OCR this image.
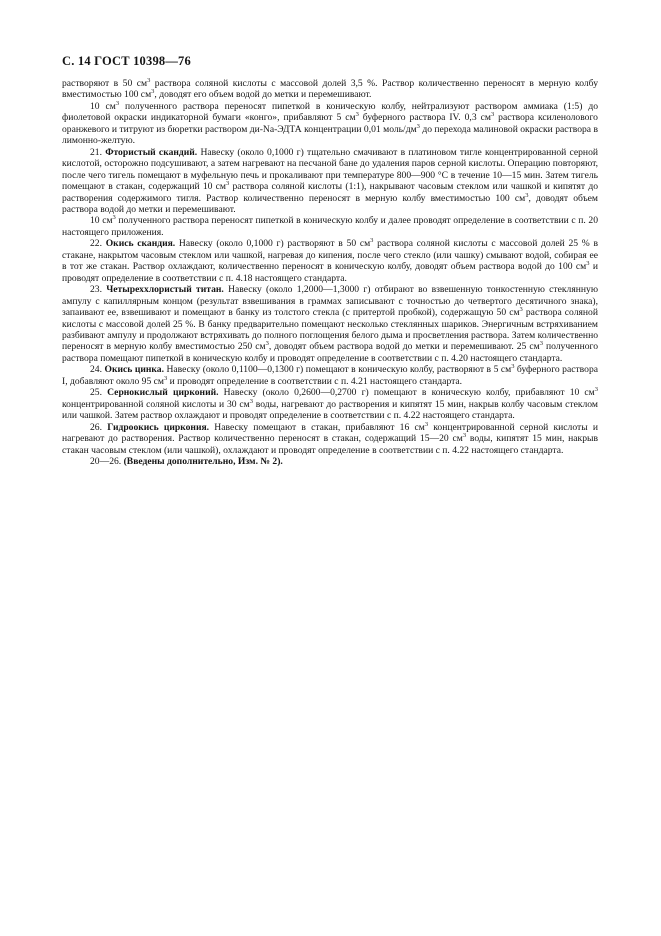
С. 14 ГОСТ 10398—76

растворяют в 50 $см^3$ раствора соляной кислоты с массовой долей 3,5 %. Раствор количественно переносят в мерную колбу вместимостью 100 $см^3$, доводят его объем водой до метки и перемешивают.

10 $см^3$ полученного раствора переносят пипеткой в коническую колбу, нейтрализуют раствором аммиака (1:5) до фиолетовой окраски индикаторной бумаги «конго», прибавляют 5 $см^3$ буферного раствора IV. 0,3 $см^3$ раствора ксиленолового оранжевого и титруют из бюретки раствором ди-Na-ЭДТА концентрации 0,01 моль/$дм^3$ до перехода малиновой окраски раствора в лимонно-желтую.

21. Фтористый скандий. Навеску (около 0,1000 г) тщательно смачивают в платиновом тигле концентрированной серной кислотой, осторожно подсушивают, а затем нагревают на песчаной бане до удаления паров серной кислоты. Операцию повторяют, после чего тигель помещают в муфельную печь и прокаливают при температуре 800—900 °С в течение 10—15 мин. Затем тигель помещают в стакан, содержащий 10 $см^3$ раствора соляной кислоты (1:1), накрывают часовым стеклом или чашкой и кипятят до растворения содержимого тигля. Раствор количественно переносят в мерную колбу вместимостью 100 $см^3$, доводят объем раствора водой до метки и перемешивают.

10 $см^3$ полученного раствора переносят пипеткой в коническую колбу и далее проводят определение в соответствии с п. 20 настоящего приложения.

22. Окись скандия. Навеску (около 0,1000 г) растворяют в 50 $см^3$ раствора соляной кислоты с массовой долей 25 % в стакане, накрытом часовым стеклом или чашкой, нагревая до кипения, после чего стекло (или чашку) смывают водой, собирая ее в тот же стакан. Раствор охлаждают, количественно переносят в коническую колбу, доводят объем раствора водой до 100 $см^3$ и проводят определение в соответствии с п. 4.18 настоящего стандарта.

23. Четыреххлористый титан. Навеску (около 1,2000—1,3000 г) отбирают во взвешенную тонкостенную стеклянную ампулу с капиллярным концом (результат взвешивания в граммах записывают с точностью до четвертого десятичного знака), запаивают ее, взвешивают и помещают в банку из толстого стекла (с притертой пробкой), содержащую 50 $см^3$ раствора соляной кислоты с массовой долей 25 %. В банку предварительно помещают несколько стеклянных шариков. Энергичным встряхиванием разбивают ампулу и продолжают встряхивать до полного поглощения белого дыма и просветления раствора. Затем количественно переносят в мерную колбу вместимостью 250 $см^3$, доводят объем раствора водой до метки и перемешивают. 25 $см^3$ полученного раствора помещают пипеткой в коническую колбу и проводят определение в соответствии с п. 4.20 настоящего стандарта.

24. Окись цинка. Навеску (около 0,1100—0,1300 г) помещают в коническую колбу, растворяют в 5 $см^3$ буферного раствора I, добавляют около 95 $см^3$ и проводят определение в соответствии с п. 4.21 настоящего стандарта.

25. Сернокислый цирконий. Навеску (около 0,2600—0,2700 г) помещают в коническую колбу, прибавляют 10 $см^3$ концентрированной соляной кислоты и 30 $см^3$ воды, нагревают до растворения и кипятят 15 мин, накрыв колбу часовым стеклом или чашкой. Затем раствор охлаждают и проводят определение в соответствии с п. 4.22 настоящего стандарта.

26. Гидроокись циркония. Навеску помещают в стакан, прибавляют 16 $см^3$ концентрированной серной кислоты и нагревают до растворения. Раствор количественно переносят в стакан, содержащий 15—20 $см^3$ воды, кипятят 15 мин, накрыв стакан часовым стеклом (или чашкой), охлаждают и проводят определение в соответствии с п. 4.22 настоящего стандарта.

20—26. (Введены дополнительно, Изм. № 2).
